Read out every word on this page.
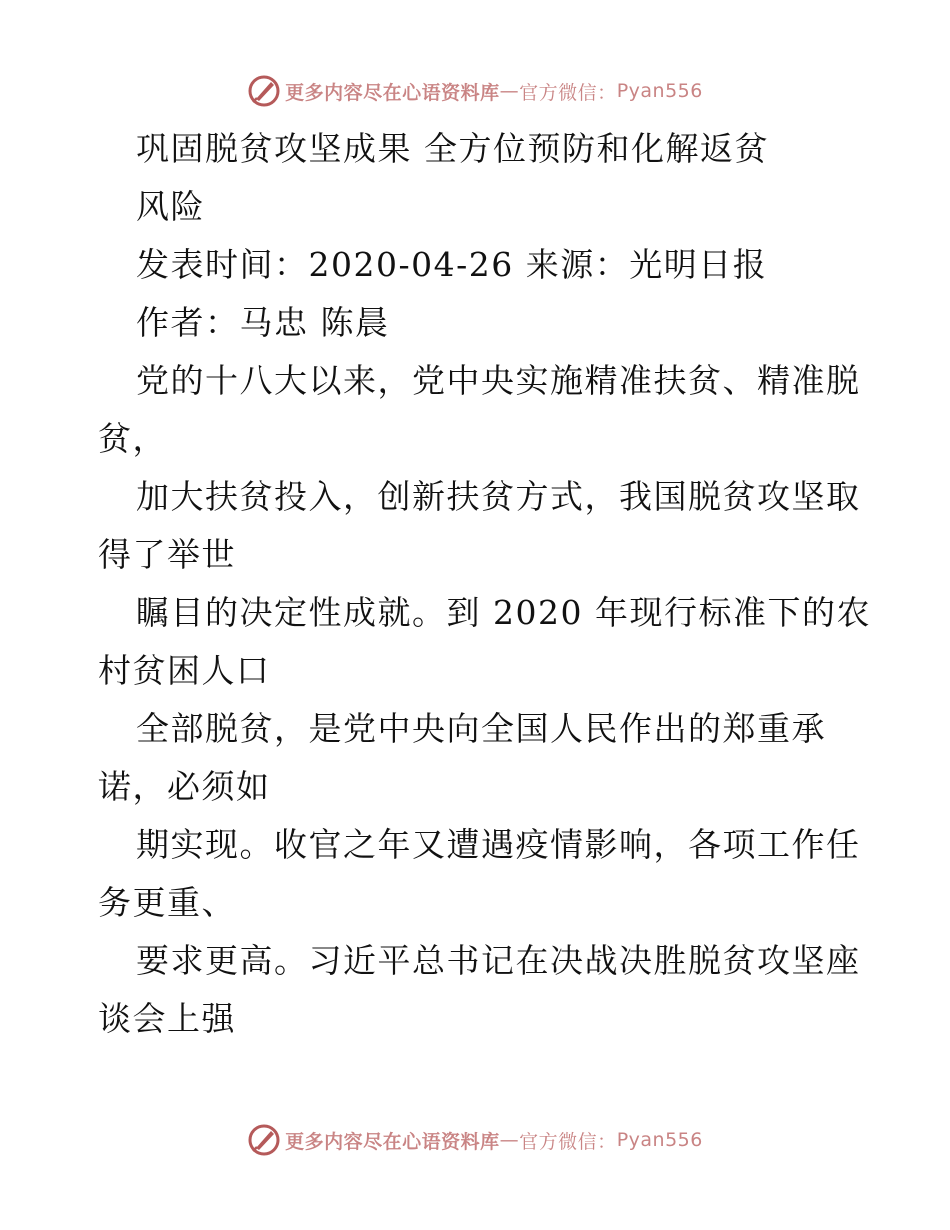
更多内容尽在心语资料库 — 官方微信： Pyan556
巩固脱贫攻坚成果 全方位预防和化解返贫
风险
发表时间：2020-04-26 来源：光明日报
作者：马忠 陈晨
党的十八大以来，党中央实施精准扶贫、精准脱
贫，
加大扶贫投入，创新扶贫方式，我国脱贫攻坚取
得了举世
瞩目的决定性成就。到 2020 年现行标准下的农
村贫困人口
全部脱贫，是党中央向全国人民作出的郑重承
诺，必须如
期实现。收官之年又遭遇疫情影响，各项工作任
务更重、
要求更高。习近平总书记在决战决胜脱贫攻坚座
谈会上强
更多内容尽在心语资料库 — 官方微信： Pyan556
